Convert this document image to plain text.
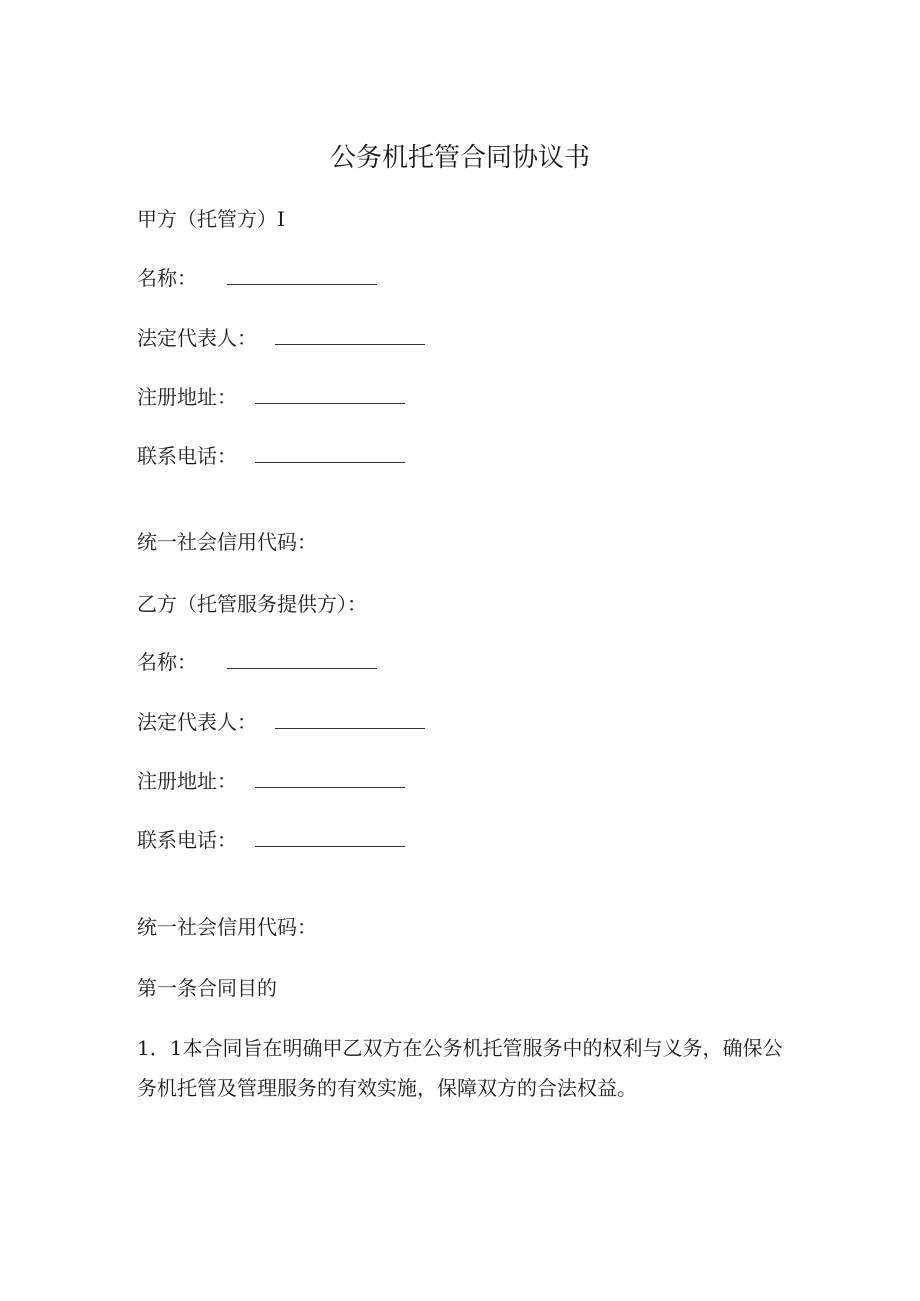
公务机托管合同协议书
甲方（托管方）I
名称：
法定代表人：
注册地址：
联系电话：
统一社会信用代码：
乙方（托管服务提供方）：
名称：
法定代表人：
注册地址：
联系电话：
统一社会信用代码：
第一条合同目的
1．1本合同旨在明确甲乙双方在公务机托管服务中的权利与义务，确保公务机托管及管理服务的有效实施，保障双方的合法权益。
